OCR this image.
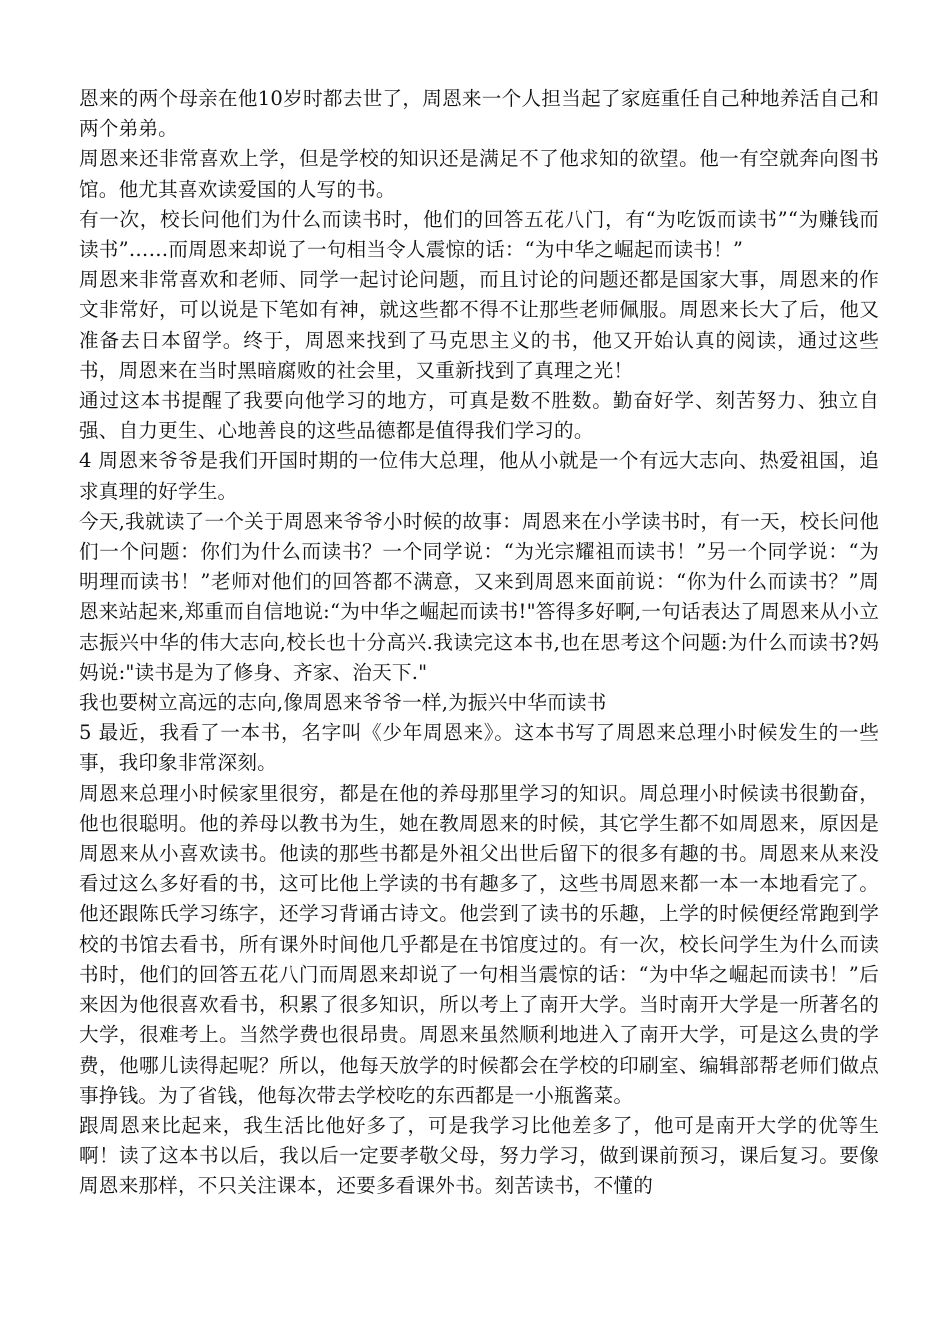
恩来的两个母亲在他10岁时都去世了，周恩来一个人担当起了家庭重任自己种地养活自己和两个弟弟。

周恩来还非常喜欢上学，但是学校的知识还是满足不了他求知的欲望。他一有空就奔向图书馆。他尤其喜欢读爱国的人写的书。

有一次，校长问他们为什么而读书时，他们的回答五花八门，有“为吃饭而读书”“为赚钱而读书”……而周恩来却说了一句相当令人震惊的话：“为中华之崛起而读书！”

周恩来非常喜欢和老师、同学一起讨论问题，而且讨论的问题还都是国家大事，周恩来的作文非常好，可以说是下笔如有神，就这些都不得不让那些老师佩服。周恩来长大了后，他又准备去日本留学。终于，周恩来找到了马克思主义的书，他又开始认真的阅读，通过这些书，周恩来在当时黑暗腐败的社会里，又重新找到了真理之光！

通过这本书提醒了我要向他学习的地方，可真是数不胜数。勤奋好学、刻苦努力、独立自强、自力更生、心地善良的这些品德都是值得我们学习的。

4 周恩来爷爷是我们开国时期的一位伟大总理，他从小就是一个有远大志向、热爱祖国，追求真理的好学生。

今天,我就读了一个关于周恩来爷爷小时候的故事：周恩来在小学读书时，有一天，校长问他们一个问题：你们为什么而读书？一个同学说：“为光宗耀祖而读书！”另一个同学说：“为明理而读书！”老师对他们的回答都不满意，又来到周恩来面前说：“你为什么而读书？”周恩来站起来,郑重而自信地说:“为中华之崛起而读书!"答得多好啊,一句话表达了周恩来从小立志振兴中华的伟大志向,校长也十分高兴.我读完这本书,也在思考这个问题:为什么而读书?妈妈说:"读书是为了修身、齐家、治天下."

我也要树立高远的志向,像周恩来爷爷一样,为振兴中华而读书

5 最近，我看了一本书，名字叫《少年周恩来》。这本书写了周恩来总理小时候发生的一些事，我印象非常深刻。

周恩来总理小时候家里很穷，都是在他的养母那里学习的知识。周总理小时候读书很勤奋，他也很聪明。他的养母以教书为生，她在教周恩来的时候，其它学生都不如周恩来，原因是周恩来从小喜欢读书。他读的那些书都是外祖父出世后留下的很多有趣的书。周恩来从来没看过这么多好看的书，这可比他上学读的书有趣多了，这些书周恩来都一本一本地看完了。他还跟陈氏学习练字，还学习背诵古诗文。他尝到了读书的乐趣，上学的时候便经常跑到学校的书馆去看书，所有课外时间他几乎都是在书馆度过的。有一次，校长问学生为什么而读书时，他们的回答五花八门而周恩来却说了一句相当震惊的话：“为中华之崛起而读书！”后来因为他很喜欢看书，积累了很多知识，所以考上了南开大学。当时南开大学是一所著名的大学，很难考上。当然学费也很昂贵。周恩来虽然顺利地进入了南开大学，可是这么贵的学费，他哪儿读得起呢？所以，他每天放学的时候都会在学校的印刷室、编辑部帮老师们做点事挣钱。为了省钱，他每次带去学校吃的东西都是一小瓶酱菜。

跟周恩来比起来，我生活比他好多了，可是我学习比他差多了，他可是南开大学的优等生啊！读了这本书以后，我以后一定要孝敬父母，努力学习，做到课前预习，课后复习。要像周恩来那样，不只关注课本，还要多看课外书。刻苦读书，不懂的
